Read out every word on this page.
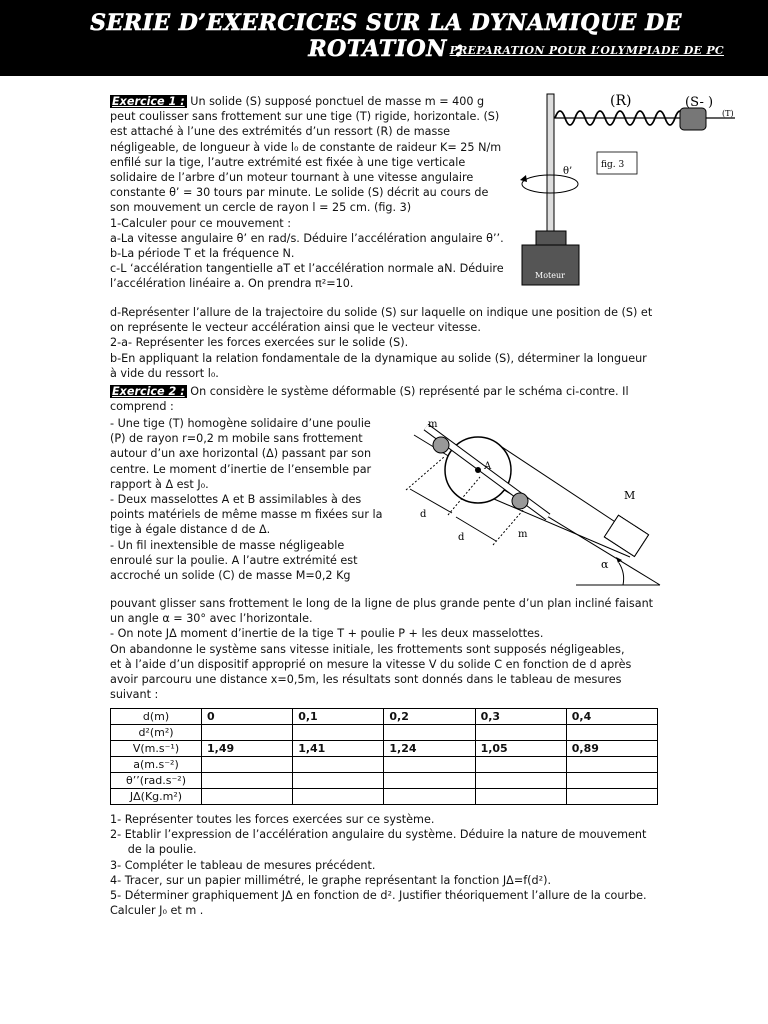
SERIE D’EXERCICES SUR LA DYNAMIQUE DE ROTATION :
PREPARATION POUR L’OLYMPIADE DE PC
Exercice 1 : Un solide (S) supposé ponctuel de masse m = 400 g
peut coulisser sans frottement sur une tige (T) rigide, horizontale. (S)
est attaché à l’une des extrémités d’un ressort (R) de masse
négligeable, de longueur à vide l₀ de constante de raideur K= 25 N/m
enfilé sur la tige, l’autre extrémité est fixée à une tige verticale
solidaire de l’arbre d’un moteur tournant à une vitesse angulaire
constante θ’ = 30 tours par minute. Le solide (S) décrit au cours de
son mouvement un cercle de rayon l = 25 cm. (fig. 3)
1-Calculer pour ce mouvement :
a-La vitesse angulaire θ’ en rad/s. Déduire l’accélération angulaire θ’’.
b-La période T et la fréquence N.
c-L ‘accélération tangentielle aT et l’accélération normale aN. Déduire
l’accélération linéaire a. On prendra π²=10.
d-Représenter l’allure de la trajectoire du solide (S) sur laquelle on indique une position de (S) et
on représente le vecteur accélération ainsi que le vecteur vitesse.
2-a- Représenter les forces exercées sur le solide (S).
b-En appliquant la relation fondamentale de la dynamique au solide (S), déterminer la longueur
à vide du ressort l₀.
(R)	(S- )
(T)
θ’
fig. 3
Moteur
Exercice 2 : On considère le système déformable (S) représenté par le schéma ci-contre. Il
comprend :
- Une tige (T) homogène solidaire d’une poulie
(P) de rayon r=0,2 m mobile sans frottement
autour d’un axe horizontal (Δ) passant par son
centre. Le moment d’inertie de l’ensemble par
rapport à Δ est J₀.
- Deux masselottes A et B assimilables à des
points matériels de même masse m fixées sur la
tige à égale distance d de Δ.
- Un fil inextensible de masse négligeable
enroulé sur la poulie. A l’autre extrémité est
accroché un solide (C) de masse M=0,2 Kg
α
M
m
A
m
d
d
pouvant glisser sans frottement le long de la ligne de plus grande pente d’un plan incliné faisant
un angle α = 30° avec l’horizontale.
- On note JΔ moment d’inertie de la tige T + poulie P + les deux masselottes.
On abandonne le système sans vitesse initiale, les frottements sont supposés négligeables,
et à l’aide d’un dispositif approprié on mesure la vitesse V du solide C en fonction de d après
avoir parcouru une distance x=0,5m, les résultats sont donnés dans le tableau de mesures
suivant :
d(m)	0	0,1	0,2	0,3	0,4
d²(m²)					
V(m.s⁻¹)	1,49	1,41	1,24	1,05	0,89
a(m.s⁻²)					
θ’’(rad.s⁻²)					
JΔ(Kg.m²)					
1- Représenter toutes les forces exercées sur ce système.
2- Etablir l’expression de l’accélération angulaire du système. Déduire la nature de mouvement
de la poulie.
3- Compléter le tableau de mesures précédent.
4- Tracer, sur un papier millimétré, le graphe représentant la fonction JΔ=f(d²).
5- Déterminer graphiquement JΔ en fonction de d². Justifier théoriquement l’allure de la courbe.
Calculer J₀ et m .
